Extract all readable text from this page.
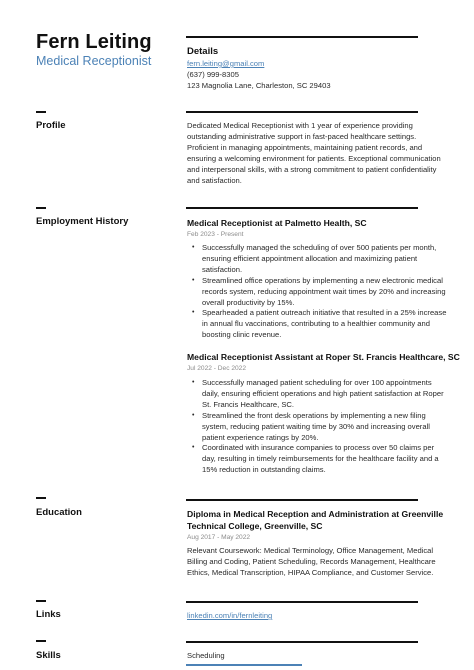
Fern Leiting
Medical Receptionist
Details
fern.leiting@gmail.com
(637) 999-8305
123 Magnolia Lane, Charleston, SC 29403
Profile	Dedicated Medical Receptionist with 1 year of experience providing outstanding administrative support in fast-paced healthcare settings. Proficient in managing appointments, maintaining patient records, and ensuring a welcoming environment for patients. Exceptional communication and interpersonal skills, with a strong commitment to patient confidentiality and satisfaction.
Employment History	Medical Receptionist at Palmetto Health, SC
Feb 2023 - Present
• Successfully managed the scheduling of over 500 patients per month, ensuring efficient appointment allocation and maximizing patient satisfaction.
• Streamlined office operations by implementing a new electronic medical records system, reducing appointment wait times by 20% and increasing overall productivity by 15%.
• Spearheaded a patient outreach initiative that resulted in a 25% increase in annual flu vaccinations, contributing to a healthier community and boosting clinic revenue.
Medical Receptionist Assistant at Roper St. Francis Healthcare, SC
Jul 2022 - Dec 2022
• Successfully managed patient scheduling for over 100 appointments daily, ensuring efficient operations and high patient satisfaction at Roper St. Francis Healthcare, SC.
• Streamlined the front desk operations by implementing a new filing system, reducing patient waiting time by 30% and increasing overall patient experience ratings by 20%.
• Coordinated with insurance companies to process over 50 claims per day, resulting in timely reimbursements for the healthcare facility and a 15% reduction in outstanding claims.
Education	Diploma in Medical Reception and Administration at Greenville Technical College, Greenville, SC
Aug 2017 - May 2022
Relevant Coursework: Medical Terminology, Office Management, Medical Billing and Coding, Patient Scheduling, Records Management, Healthcare Ethics, Medical Transcription, HIPAA Compliance, and Customer Service.
Links	linkedin.com/in/fernleiting
Skills	Scheduling
